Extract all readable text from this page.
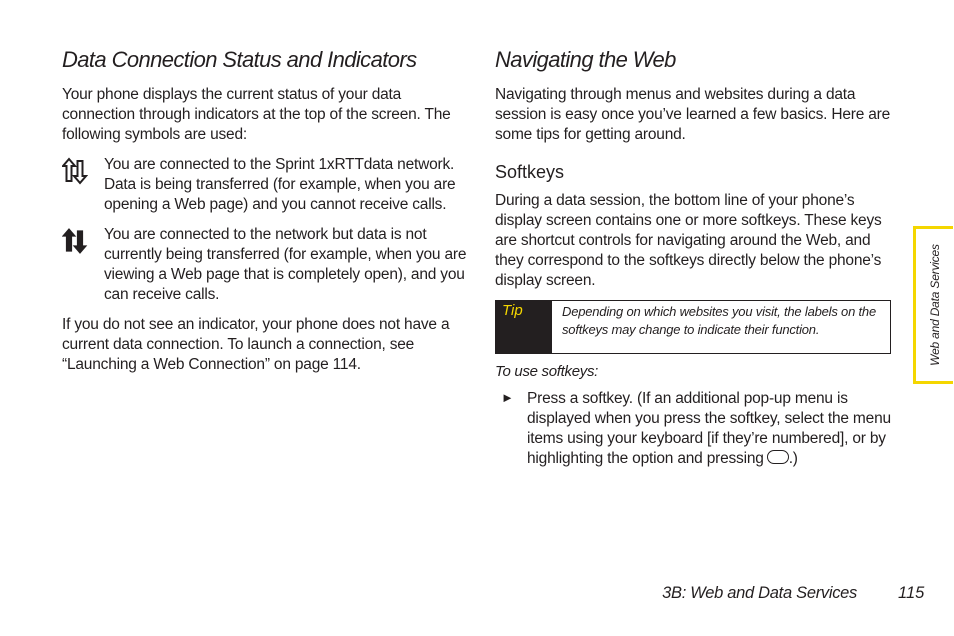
Data Connection Status and Indicators

Your phone displays the current status of your data connection through indicators at the top of the screen. The following symbols are used:

You are connected to the Sprint 1xRTTdata network. Data is being transferred (for example, when you are opening a Web page) and you cannot receive calls.

You are connected to the network but data is not currently being transferred (for example, when you are viewing a Web page that is completely open), and you can receive calls.

If you do not see an indicator, your phone does not have a current data connection. To launch a connection, see “Launching a Web Connection” on page 114.

Navigating the Web

Navigating through menus and websites during a data session is easy once you’ve learned a few basics. Here are some tips for getting around.

Softkeys

During a data session, the bottom line of your phone’s display screen contains one or more softkeys. These keys are shortcut controls for navigating around the Web, and they correspond to the softkeys directly below the phone’s display screen.

Tip	Depending on which websites you visit, the labels on the softkeys may change to indicate their function.
To use softkeys:
► Press a softkey. (If an additional pop-up menu is displayed when you press the softkey, select the menu items using your keyboard [if they’re numbered], or by highlighting the option and pressing .)

Web and Data Services
3B: Web and Data Services 115
